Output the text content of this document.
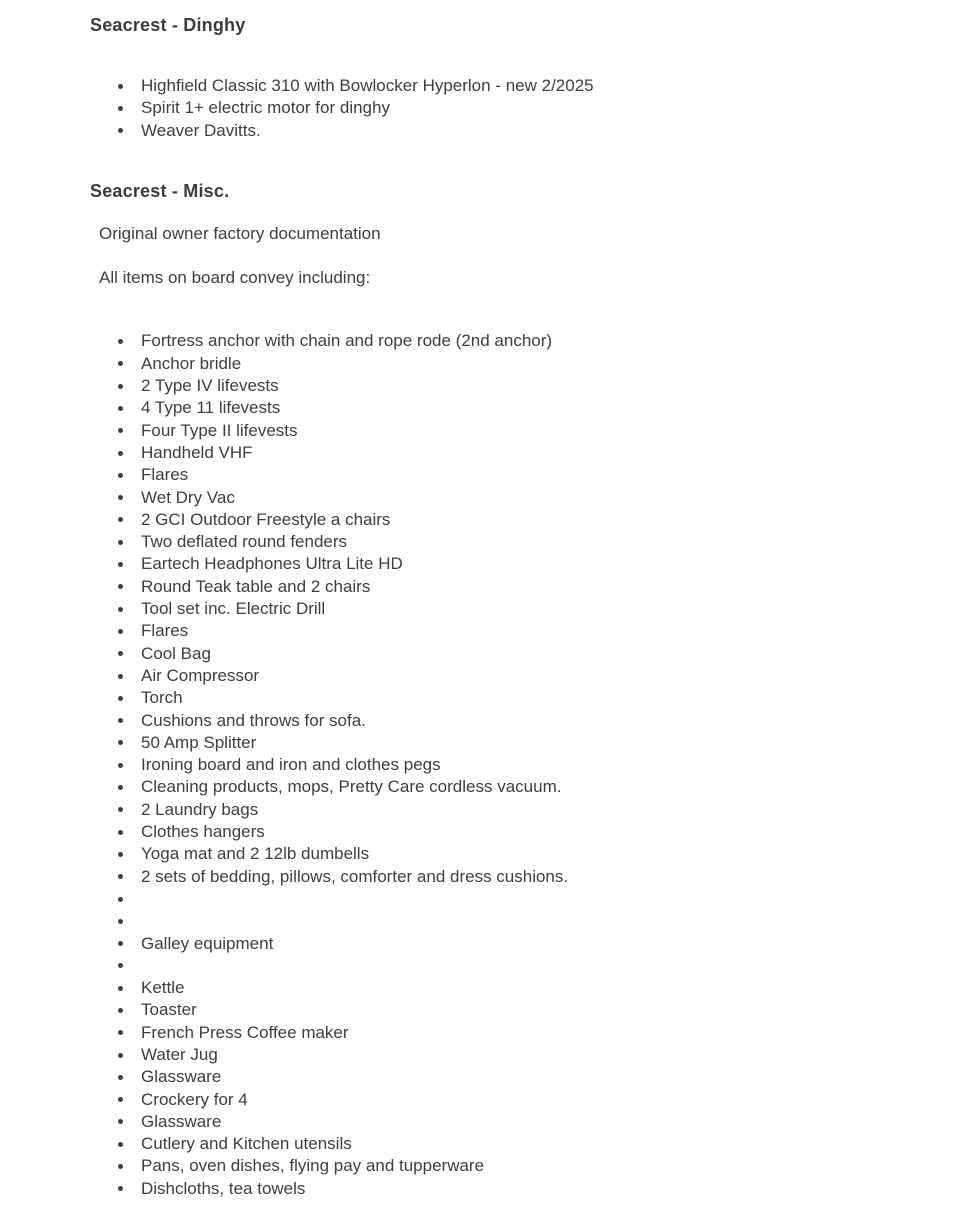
Seacrest - Dinghy
Highfield Classic 310 with Bowlocker Hyperlon - new 2/2025
Spirit 1+ electric motor for dinghy
Weaver Davitts.
Seacrest - Misc.

Original owner factory documentation

All items on board convey including:

Fortress anchor with chain and rope rode (2nd anchor)
Anchor bridle
2 Type IV lifevests
4 Type 11 lifevests
Four Type II lifevests
Handheld VHF
Flares
Wet Dry Vac
2 GCI Outdoor Freestyle a chairs
Two deflated round fenders
Eartech Headphones Ultra Lite HD
Round Teak table and 2 chairs
Tool set inc. Electric Drill
Flares
Cool Bag
Air Compressor
Torch
Cushions and throws for sofa.
50 Amp Splitter
Ironing board and iron and clothes pegs
Cleaning products, mops, Pretty Care cordless vacuum.
2 Laundry bags
Clothes hangers
Yoga mat and 2 12lb dumbells
2 sets of bedding, pillows, comforter and dress cushions.
Galley equipment
Kettle
Toaster
French Press Coffee maker
Water Jug
Glassware
Crockery for 4
Glassware
Cutlery and Kitchen utensils
Pans, oven dishes, flying pay and tupperware
Dishcloths, tea towels
